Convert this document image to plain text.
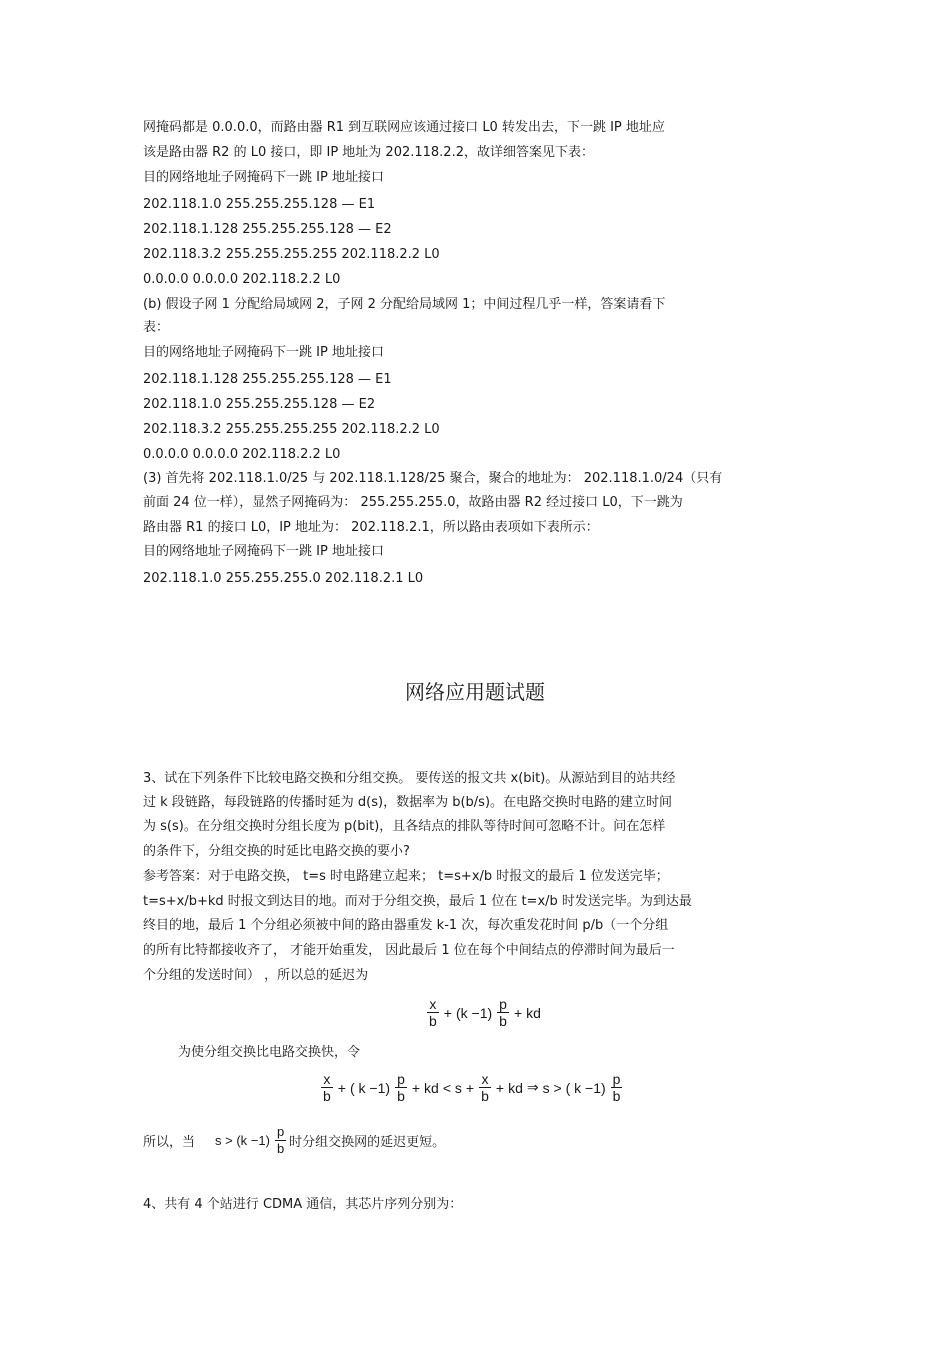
网掩码都是 0.0.0.0，而路由器 R1 到互联网应该通过接口 L0 转发出去，下一跳 IP 地址应
该是路由器 R2 的 L0 接口，即 IP 地址为 202.118.2.2，故详细答案见下表：
目的网络地址子网掩码下一跳 IP 地址接口
202.118.1.0 255.255.255.128 — E1
202.118.1.128 255.255.255.128 — E2
202.118.3.2 255.255.255.255 202.118.2.2 L0
0.0.0.0 0.0.0.0 202.118.2.2 L0
(b) 假设子网 1 分配给局域网 2，子网 2 分配给局域网 1；中间过程几乎一样，答案请看下
表：
目的网络地址子网掩码下一跳 IP 地址接口
202.118.1.128 255.255.255.128 — E1
202.118.1.0 255.255.255.128 — E2
202.118.3.2 255.255.255.255 202.118.2.2 L0
0.0.0.0 0.0.0.0 202.118.2.2 L0
(3) 首先将 202.118.1.0/25 与 202.118.1.128/25 聚合，聚合的地址为： 202.118.1.0/24（只有
前面 24 位一样），显然子网掩码为： 255.255.255.0，故路由器 R2 经过接口 L0，下一跳为
路由器 R1 的接口 L0，IP 地址为： 202.118.2.1，所以路由表项如下表所示：
目的网络地址子网掩码下一跳 IP 地址接口
202.118.1.0 255.255.255.0 202.118.2.1 L0
网络应用题试题
3、试在下列条件下比较电路交换和分组交换。 要传送的报文共 x(bit)。从源站到目的站共经
过 k 段链路，每段链路的传播时延为 d(s)，数据率为 b(b/s)。在电路交换时电路的建立时间
为 s(s)。在分组交换时分组长度为 p(bit)，且各结点的排队等待时间可忽略不计。问在怎样
的条件下，分组交换的时延比电路交换的要小?
参考答案：对于电路交换， t=s 时电路建立起来； t=s+x/b 时报文的最后 1 位发送完毕；
t=s+x/b+kd 时报文到达目的地。而对于分组交换，最后 1 位在 t=x/b 时发送完毕。为到达最
终目的地，最后 1 个分组必须被中间的路由器重发 k-1 次，每次重发花时间 p/b（一个分组
的所有比特都接收齐了， 才能开始重发， 因此最后 1 位在每个中间结点的停滞时间为最后一
个分组的发送时间） ，所以总的延迟为
$\frac{x}{b} + (k -1) \frac{p}{b}$ + kd
为使分组交换比电路交换快，令
$\frac{x}{b}$ + ( $k -1) \frac{p}{b}$ + kd < $s + \frac{x}{b}$ + kd ⇒ s > ( $k -1) \frac{p}{b}$
所以，当 $s > (k -1) \frac{p}{b}$ 时分组交换网的延迟更短。
4、共有 4 个站进行 CDMA 通信，其芯片序列分别为：
